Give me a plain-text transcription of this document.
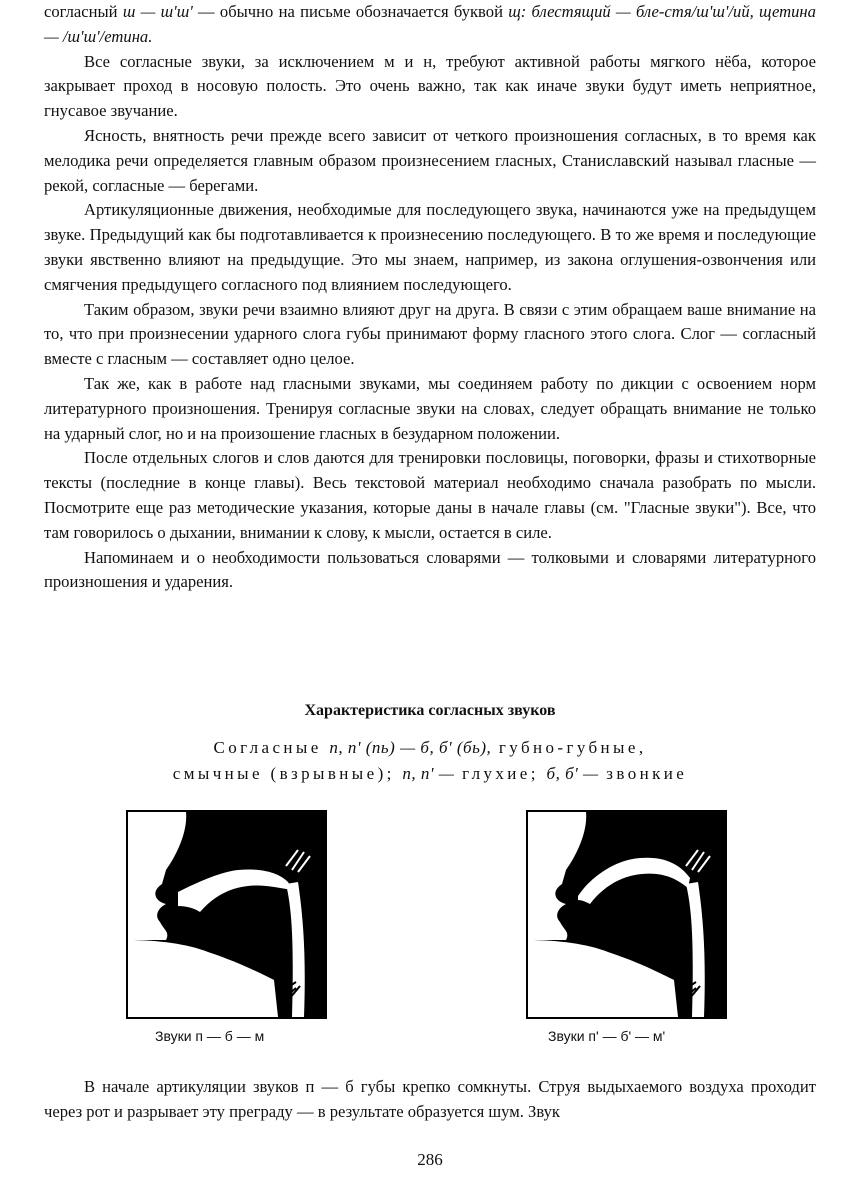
согласный ш — ш'ш' — обычно на письме обозначается буквой щ: блестящий — бле-стя/ш'ш'/ий, щетина — /ш'ш'/етина.

Все согласные звуки, за исключением м и н, требуют активной работы мягкого нёба, которое закрывает проход в носовую полость. Это очень важно, так как иначе звуки будут иметь неприятное, гнусавое звучание.

Ясность, внятность речи прежде всего зависит от четкого произношения согласных, в то время как мелодика речи определяется главным образом произнесением гласных, Станиславский называл гласные — рекой, согласные — берегами.

Артикуляционные движения, необходимые для последующего звука, начинаются уже на предыдущем звуке. Предыдущий как бы подготавливается к произнесению последующего. В то же время и последующие звуки явственно влияют на предыдущие. Это мы знаем, например, из закона оглушения-озвончения или смягчения предыдущего согласного под влиянием последующего.

Таким образом, звуки речи взаимно влияют друг на друга. В связи с этим обращаем ваше внимание на то, что при произнесении ударного слога губы принимают форму гласного этого слога. Слог — согласный вместе с гласным — составляет одно целое.

Так же, как в работе над гласными звуками, мы соединяем работу по дикции с освоением норм литературного произношения. Тренируя согласные звуки на словах, следует обращать внимание не только на ударный слог, но и на произошение гласных в безударном положении.

После отдельных слогов и слов даются для тренировки пословицы, поговорки, фразы и стихотворные тексты (последние в конце главы). Весь текстовой материал необходимо сначала разобрать по мысли. Посмотрите еще раз методические указания, которые даны в начале главы (см. "Гласные звуки"). Все, что там говорилось о дыхании, внимании к слову, к мысли, остается в силе.

Напоминаем и о необходимости пользоваться словарями — толковыми и словарями литературного произношения и ударения.

Характеристика согласных звуков
Согласные п, п' (пь) — б, б' (бь), губно-губные,
смычные (взрывные); п, п' — глухие; б, б' — звонкие
Звуки п — б — м	Звуки п' — б' — м'

В начале артикуляции звуков п — б губы крепко сомкнуты. Струя выдыхаемого воздуха проходит через рот и разрывает эту преграду — в результате образуется шум. Звук

286
